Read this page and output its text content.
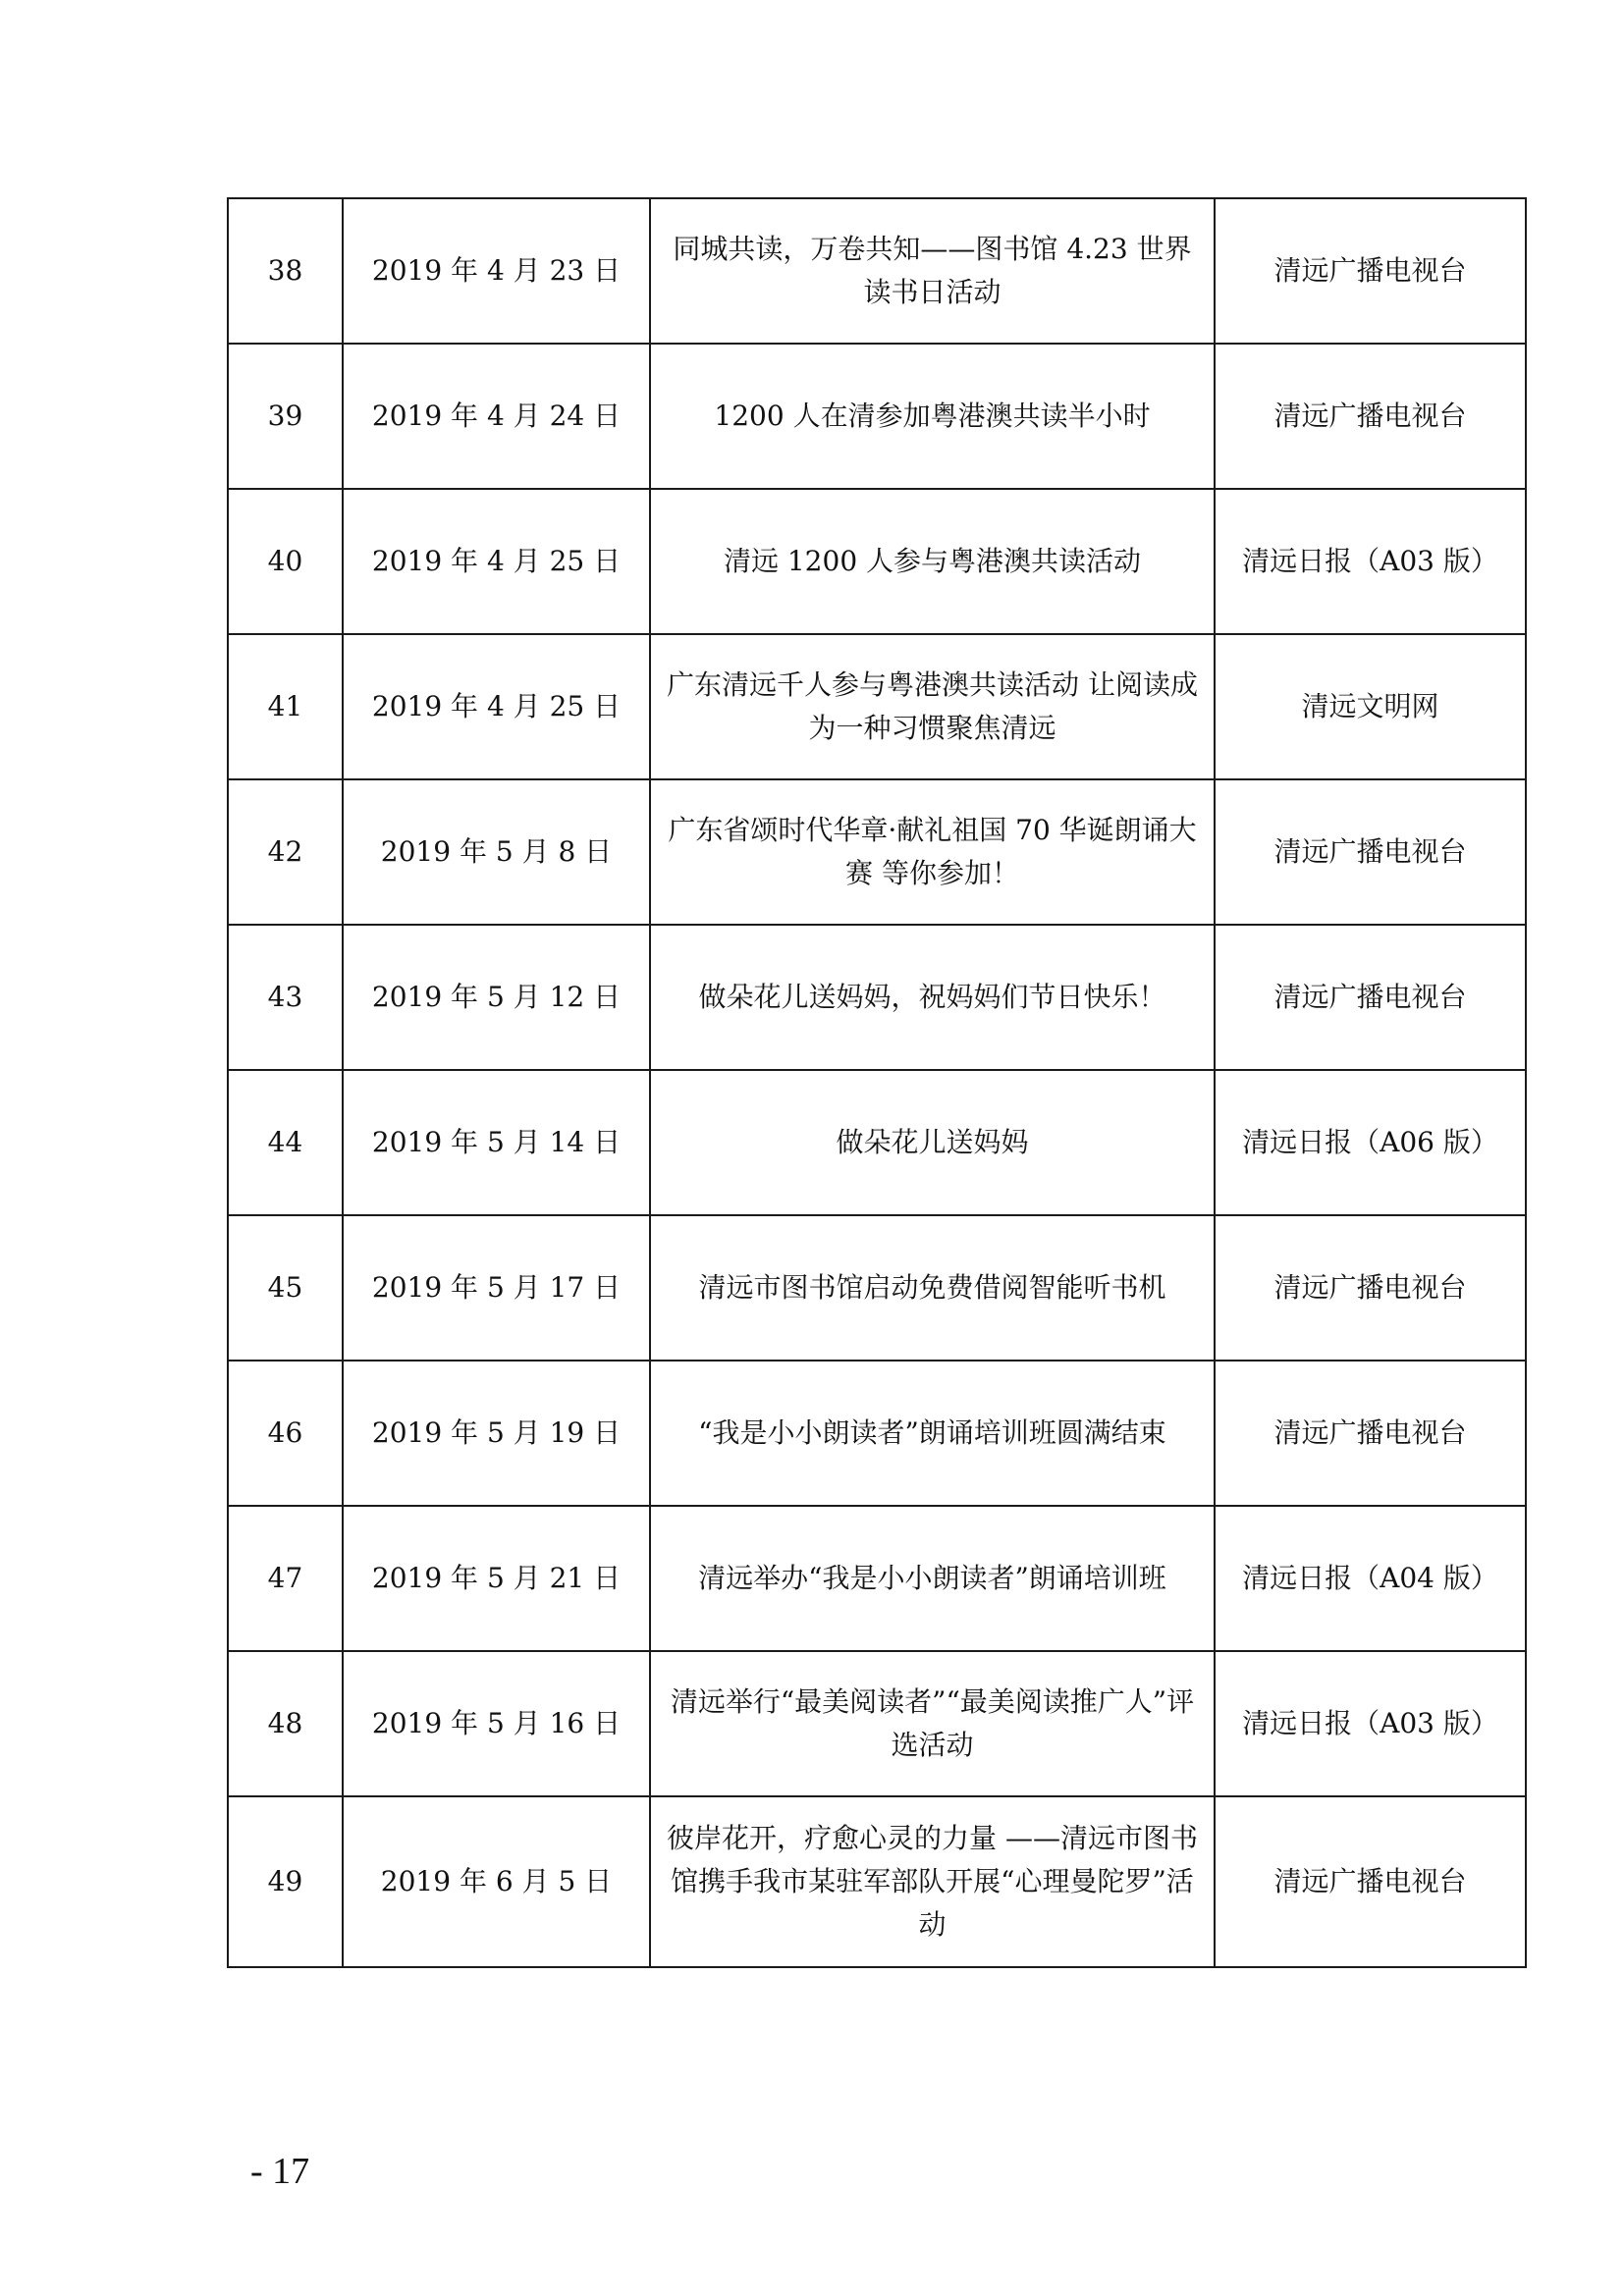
38	2019 年 4 月 23 日	同城共读，万卷共知——图书馆 4.23 世界读书日活动	清远广播电视台
39	2019 年 4 月 24 日	1200 人在清参加粤港澳共读半小时	清远广播电视台
40	2019 年 4 月 25 日	清远 1200 人参与粤港澳共读活动	清远日报（A03 版）
41	2019 年 4 月 25 日	广东清远千人参与粤港澳共读活动 让阅读成为一种习惯聚焦清远	清远文明网
42	2019 年 5 月 8 日	广东省颂时代华章·献礼祖国 70 华诞朗诵大赛 等你参加！	清远广播电视台
43	2019 年 5 月 12 日	做朵花儿送妈妈，祝妈妈们节日快乐！	清远广播电视台
44	2019 年 5 月 14 日	做朵花儿送妈妈	清远日报（A06 版）
45	2019 年 5 月 17 日	清远市图书馆启动免费借阅智能听书机	清远广播电视台
46	2019 年 5 月 19 日	“我是小小朗读者”朗诵培训班圆满结束	清远广播电视台
47	2019 年 5 月 21 日	清远举办“我是小小朗读者”朗诵培训班	清远日报（A04 版）
48	2019 年 5 月 16 日	清远举行“最美阅读者”“最美阅读推广人”评选活动	清远日报（A03 版）
49	2019 年 6 月 5 日	彼岸花开，疗愈心灵的力量 ——清远市图书馆携手我市某驻军部队开展“心理曼陀罗”活动	清远广播电视台
- 17
